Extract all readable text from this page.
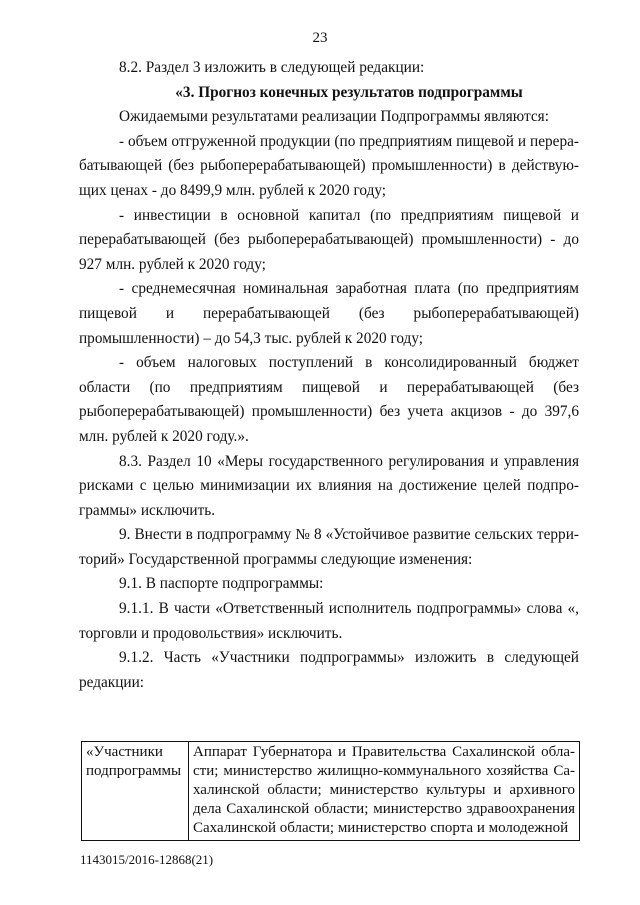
23

8.2. Раздел 3 изложить в следующей редакции:

«3. Прогноз конечных результатов подпрограммы

Ожидаемыми результатами реализации Подпрограммы являются:

- объем отгруженной продукции (по предприятиям пищевой и перерабатывающей (без рыбоперерабатывающей) промышленности) в действующих ценах - до 8499,9 млн. рублей к 2020 году;

- инвестиции в основной капитал (по предприятиям пищевой и перерабатывающей (без рыбоперерабатывающей) промышленности) - до 927 млн. рублей к 2020 году;

- среднемесячная номинальная заработная плата (по предприятиям пищевой и перерабатывающей (без рыбоперерабатывающей) промышленности) – до 54,3 тыс. рублей к 2020 году;

- объем налоговых поступлений в консолидированный бюджет области (по предприятиям пищевой и перерабатывающей (без рыбоперерабатывающей) промышленности) без учета акцизов - до 397,6 млн. рублей к 2020 году.».

8.3. Раздел 10 «Меры государственного регулирования и управления рисками с целью минимизации их влияния на достижение целей подпрограммы» исключить.

9. Внести в подпрограмму № 8 «Устойчивое развитие сельских территорий» Государственной программы следующие изменения:

9.1. В паспорте подпрограммы:

9.1.1. В части «Ответственный исполнитель подпрограммы» слова «, торговли и продовольствия» исключить.

9.1.2. Часть «Участники подпрограммы» изложить в следующей редакции:

«Участники подпрограммы	Аппарат Губернатора и Правительства Сахалинской области; министерство жилищно-коммунального хозяйства Сахалинской области; министерство культуры и архивного дела Сахалинской области; министерство здравоохранения Сахалинской области; министерство спорта и молодежной
1143015/2016-12868(21)
